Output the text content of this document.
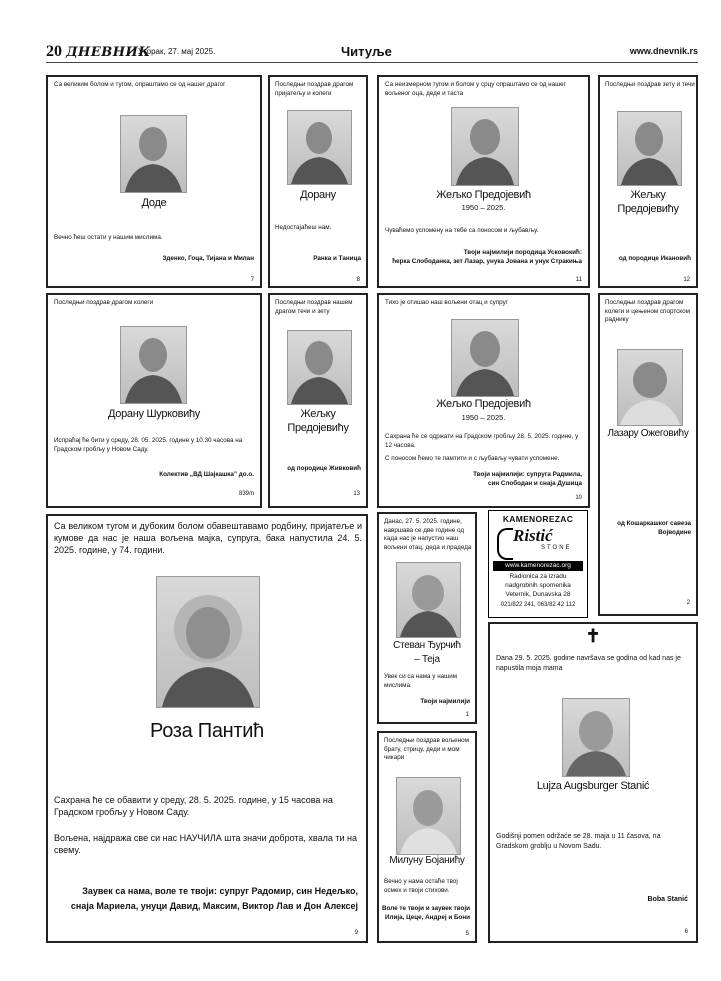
20 ДНЕВНИК
Уторак, 27. мај 2025.	Читуље	www.dnevnik.rs
Са великим болом и тугом, опраштамо се од нашег драгог
Доде
Вечно ћеш остати у нашим мислима.
Зденко, Гоца, Тијана и Милан
7
Последњи поздрав драгом пријатељу и колеги
Дорану
Недостајаћеш нам.
Ранка и Таница
8
Са неизмерном тугом и болом у срцу опраштамо се од нашег вољеног оца, деде и таста
Жељко Предојевић
1950 – 2025.
Чуваћемо успомену на тебе са поносом и љубављу.
Твоји најмилији породица Усковокић:
ћерка Слободанка, зет Лазар, унука Јована и унук Стракиња
11
Последњи поздрав зету и течи
Жељку
Предојевићу
од породице Икановић
12
Последњи поздрав драгом колеги
Дорану Шурковићу
Испраћај ће бити у среду, 28. 05. 2025. године у 10.30 часова на Градском гробљу у Новом Саду.
Колектив „ВД Шајкашка” до.о.
839/n
Последњи поздрав нашем драгом течи и зету
Жељку
Предојевићу
од породице Живковић
13
Тихо је отишао наш вољени отац и супруг
Жељко Предојевић
1950 – 2025.
Сахрана ће се одржати на Градском гробљу 28. 5. 2025. године, у 12 часова.
С поносом ћемо те памтити и с љубављу чувати успомене.
Твоји најмилији: супруга Радмила,
син Слободан и снаја Душица
10
Последњи поздрав драгом колеги и цењеном спортском раднику
Лазару Ожеговићу
од Кошаркашког савеза
Војводине
2
Са великом тугом и дубоким болом обавештавамо родбину, пријатеље и кумове да нас је наша вољена мајка, супруга, бака напустила 24. 5. 2025. године, у 74. години.
Роза Пантић
Сахрана ће се обавити у среду, 28. 5. 2025. године, у 15 часова на Градском гробљу у Новом Саду.
Вољена, најдража све си нас НАУЧИЛА шта значи доброта, хвала ти на свему.
Заувек са нама, воле те твоји: супруг Радомир, син Недељко,
снаја Мариела, унуци Давид, Максим, Виктор Лав и Дон Алексеј
9
Данас, 27. 5. 2025. године, навршава се две године од када нас је напустио наш вољени отац, деда и прадеда
Стеван Ђурчић
– Теја
Увек си са нама у нашим мислима.
Твоји најмилији
1
KAMENOREZAC
Ristić
STONE
www.kamenorezac.org
Radionica za izradu
nadgrobnih spomenika
Veternik, Dunavska 28
021/822 241, 063/82 42 112
Последњи поздрав вољеном брату, стрицу, деди и мом чикари
Милуну Бојанићу
Вечно у нама остаће твој осмех и твоји стихови.
Воле те твоји и заувек твоји
Илија, Цеце, Андреј и Бони
5
✝
Dana 29. 5. 2025. godine navršava se godina od kad nas je napustila moja mama
Lujza Augsburger Stanić
Godišnji pomen održaće se 28. maja u 11 časova, na Gradskom groblju u Novom Sadu.
Boba Stanić
6
